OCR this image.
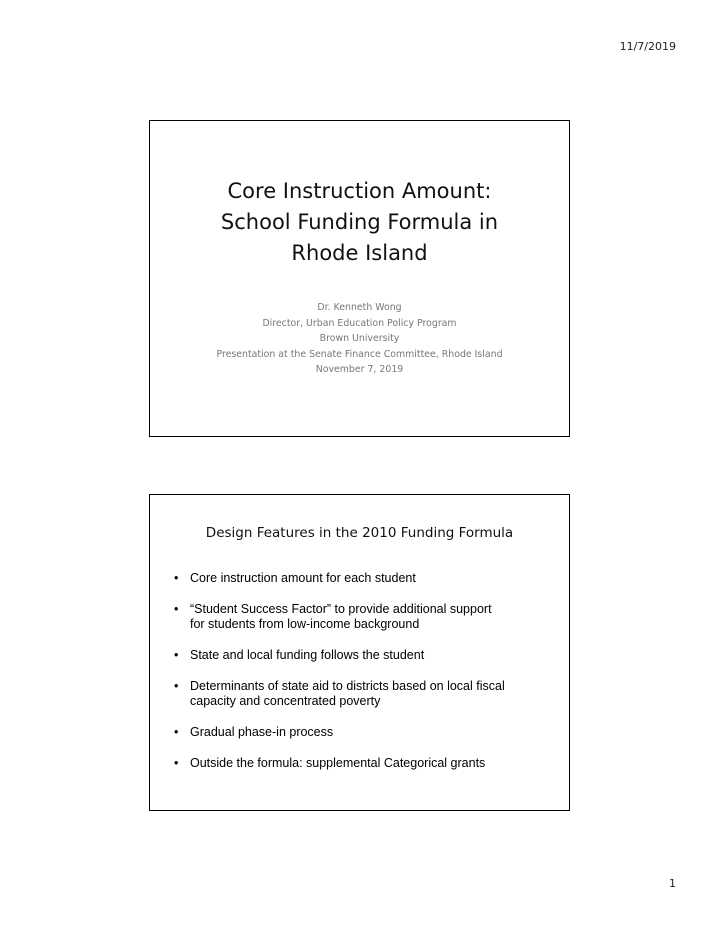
11/7/2019
Core Instruction Amount:
School Funding Formula in
Rhode Island
Dr. Kenneth Wong
Director, Urban Education Policy Program
Brown University
Presentation at the Senate Finance Committee, Rhode Island
November 7, 2019
Design Features in the 2010 Funding Formula
• Core instruction amount for each student
• “Student Success Factor” to provide additional support
for students from low-income background
• State and local funding follows the student
• Determinants of state aid to districts based on local fiscal
capacity and concentrated poverty
• Gradual phase-in process
• Outside the formula: supplemental Categorical grants
1
